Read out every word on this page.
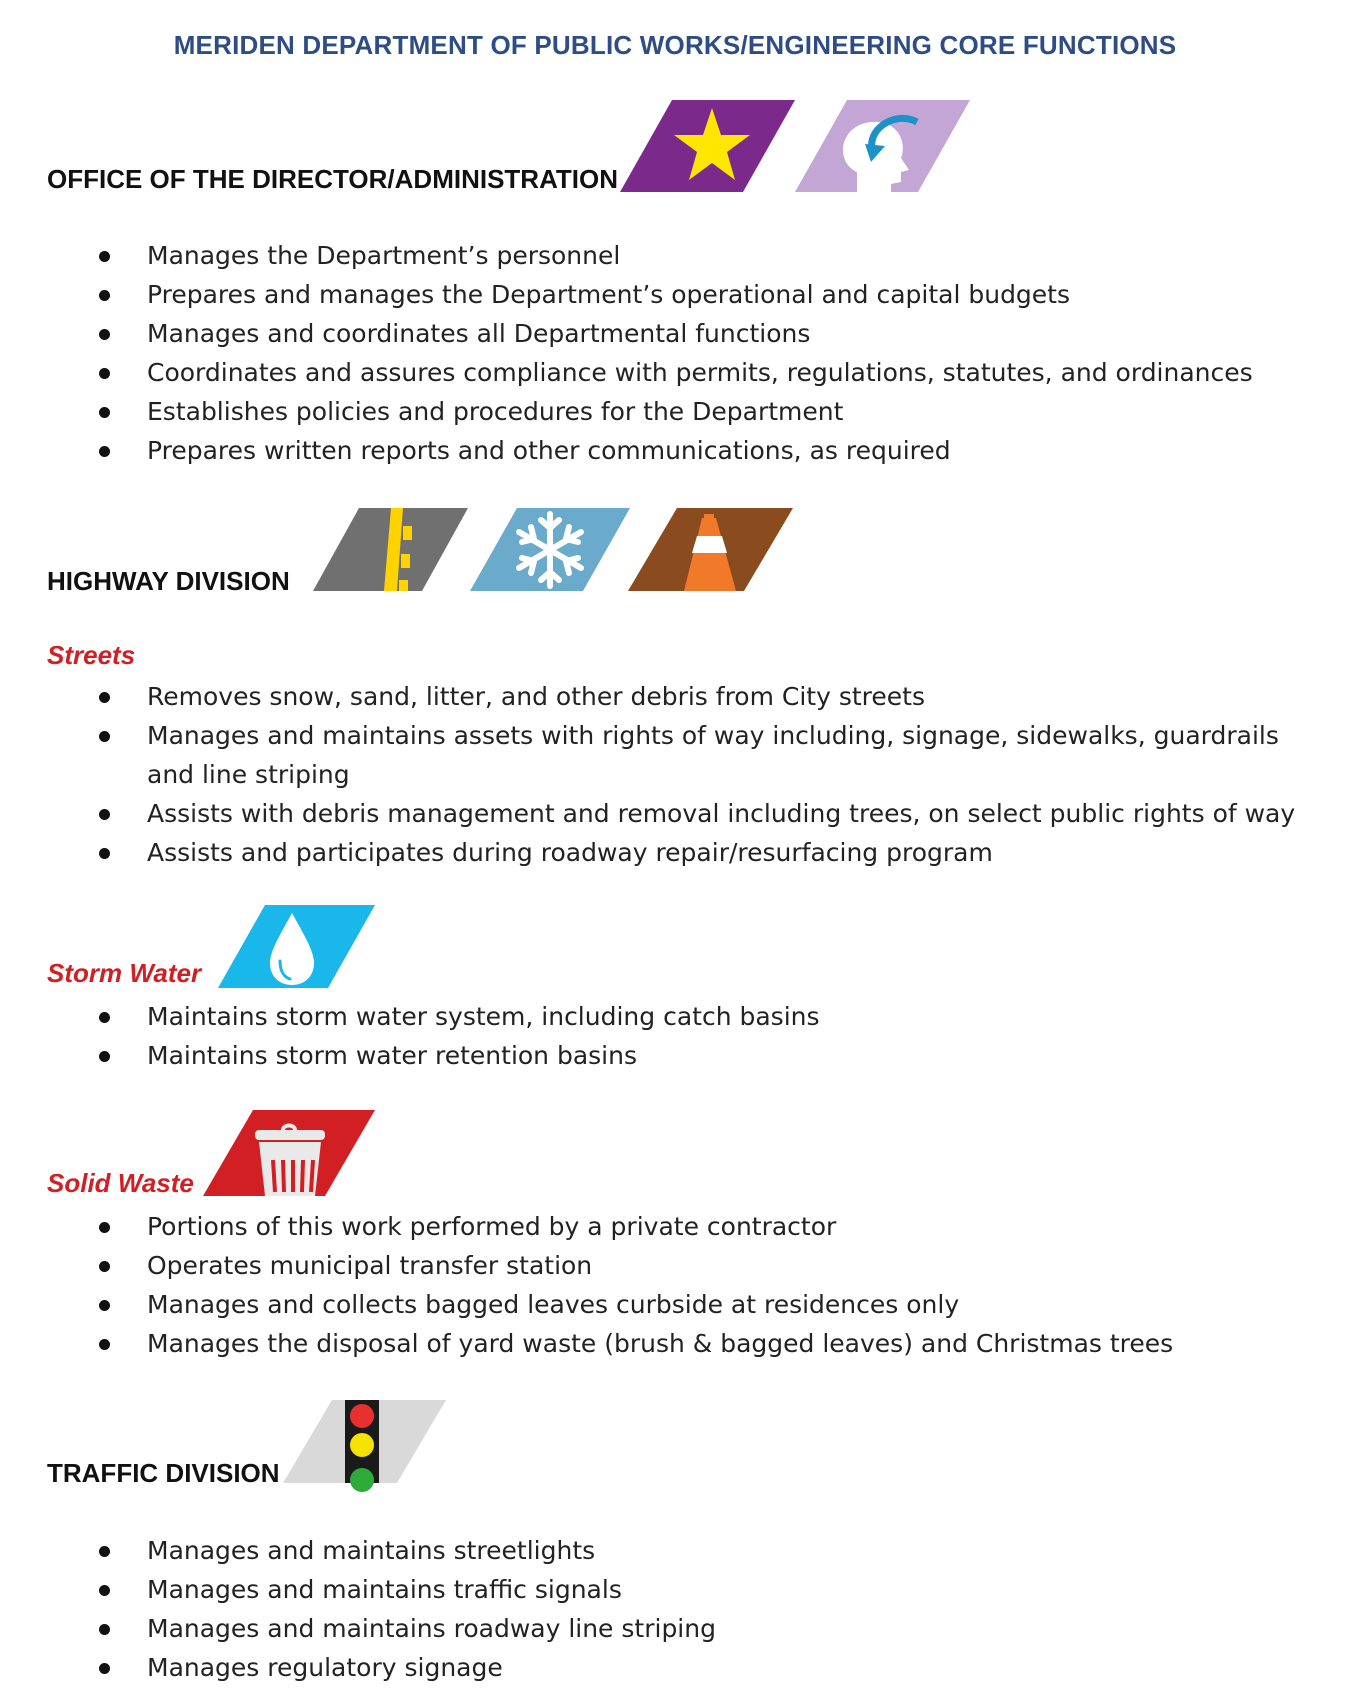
MERIDEN DEPARTMENT OF PUBLIC WORKS/ENGINEERING CORE FUNCTIONS
OFFICE OF THE DIRECTOR/ADMINISTRATION
Manages the Department’s personnel
Prepares and manages the Department’s operational and capital budgets
Manages and coordinates all Departmental functions
Coordinates and assures compliance with permits, regulations, statutes, and ordinances
Establishes policies and procedures for the Department
Prepares written reports and other communications, as required
HIGHWAY DIVISION
Streets
Removes snow, sand, litter, and other debris from City streets
Manages and maintains assets with rights of way including, signage, sidewalks, guardrails and line striping
Assists with debris management and removal including trees, on select public rights of way
Assists and participates during roadway repair/resurfacing program
Storm Water
Maintains storm water system, including catch basins
Maintains storm water retention basins
Solid Waste
Portions of this work performed by a private contractor
Operates municipal transfer station
Manages and collects bagged leaves curbside at residences only
Manages the disposal of yard waste (brush & bagged leaves) and Christmas trees
TRAFFIC DIVISION
Manages and maintains streetlights
Manages and maintains traffic signals
Manages and maintains roadway line striping
Manages regulatory signage
